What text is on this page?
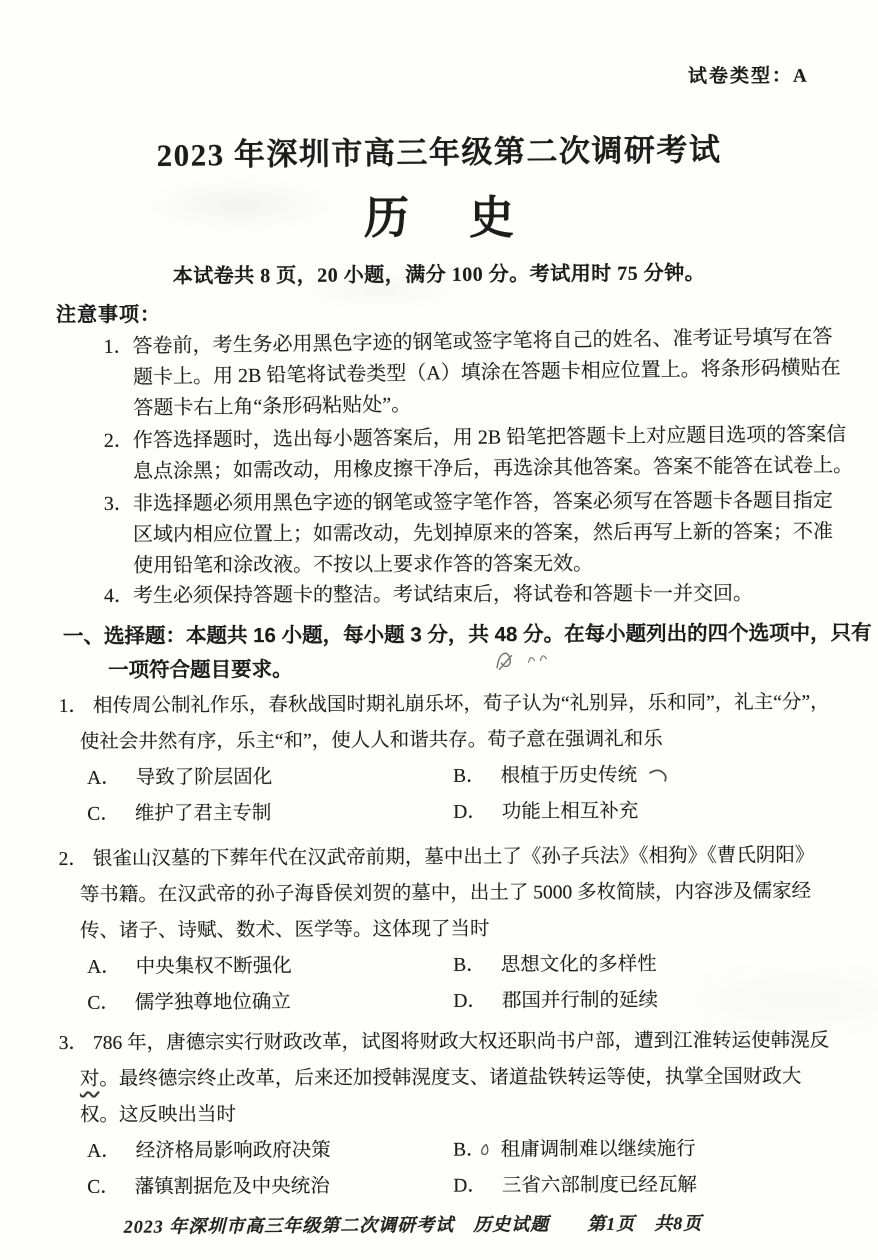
试卷类型：A
2023 年深圳市高三年级第二次调研考试
历史
本试卷共 8 页，20 小题，满分 100 分。考试用时 75 分钟。
注意事项：
1．
答卷前，考生务必用黑色字迹的钢笔或签字笔将自己的姓名、准考证号填写在答
题卡上。用 2B 铅笔将试卷类型（A）填涂在答题卡相应位置上。将条形码横贴在
答题卡右上角“条形码粘贴处”。
2．
作答选择题时，选出每小题答案后，用 2B 铅笔把答题卡上对应题目选项的答案信
息点涂黑；如需改动，用橡皮擦干净后，再选涂其他答案。答案不能答在试卷上。
3．
非选择题必须用黑色字迹的钢笔或签字笔作答，答案必须写在答题卡各题目指定
区域内相应位置上；如需改动，先划掉原来的答案，然后再写上新的答案；不准
使用铅笔和涂改液。不按以上要求作答的答案无效。
4．
考生必须保持答题卡的整洁。考试结束后，将试卷和答题卡一并交回。
一、选择题：本题共 16 小题，每小题 3 分，共 48 分。在每小题列出的四个选项中，只有
一项符合题目要求。
1． 相传周公制礼作乐，春秋战国时期礼崩乐坏，荀子认为“礼别异，乐和同”，礼主“分”，
使社会井然有序，乐主“和”，使人人和谐共存。荀子意在强调礼和乐
A． 导致了阶层固化	B． 根植于历史传统
C． 维护了君主专制	D． 功能上相互补充
2． 银雀山汉墓的下葬年代在汉武帝前期，墓中出土了《孙子兵法》《相狗》《曹氏阴阳》
等书籍。在汉武帝的孙子海昏侯刘贺的墓中，出土了 5000 多枚简牍，内容涉及儒家经
传、诸子、诗赋、数术、医学等。这体现了当时
A． 中央集权不断强化	B． 思想文化的多样性
C． 儒学独尊地位确立	D． 郡国并行制的延续
3． 786 年，唐德宗实行财政改革，试图将财政大权还职尚书户部，遭到江淮转运使韩滉反
对。最终德宗终止改革，后来还加授韩滉度支、诸道盐铁转运等使，执掌全国财政大
权。这反映出当时
A． 经济格局影响政府决策	B． 租庸调制难以继续施行
C． 藩镇割据危及中央统治	D． 三省六部制度已经瓦解
2023 年深圳市高三年级第二次调研考试　历史试题　　第1页　共8页
